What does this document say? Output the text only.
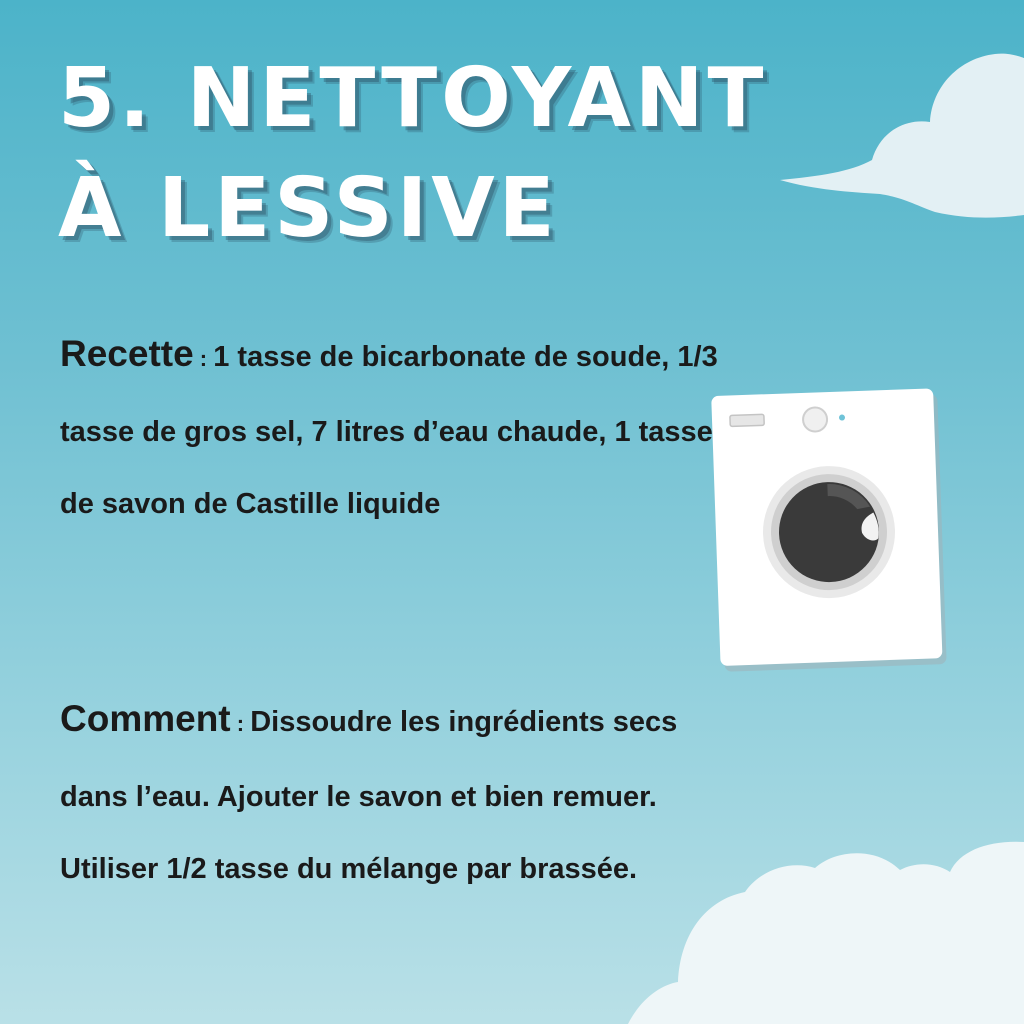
5. NETTOYANT
À LESSIVE

Recette : 1 tasse de bicarbonate de soude, 1/3 tasse de gros sel, 7 litres d’eau chaude, 1 tasse de savon de Castille liquide

Comment : Dissoudre les ingrédients secs dans l’eau. Ajouter le savon et bien remuer. Utiliser 1/2 tasse du mélange par brassée.
